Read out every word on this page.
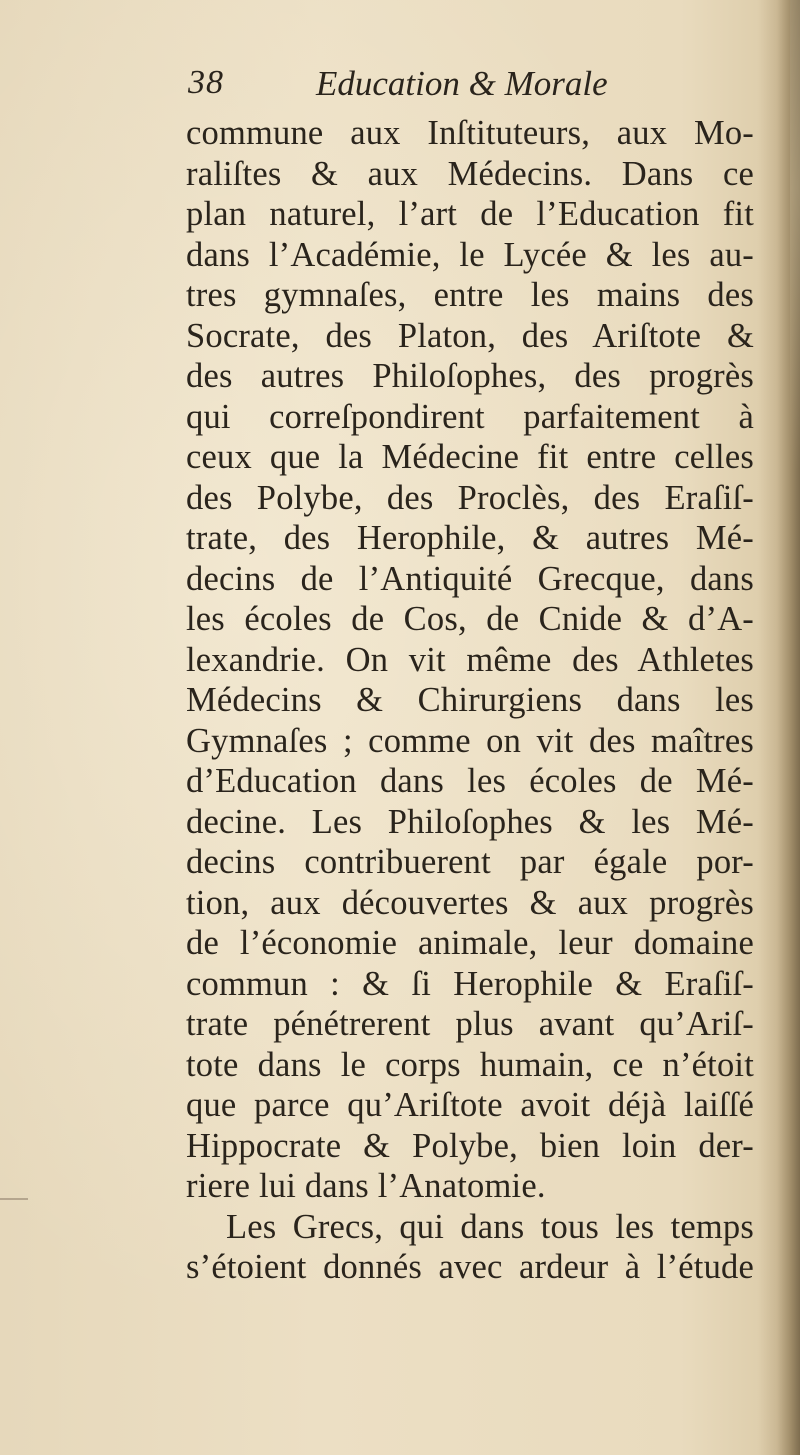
38	Education & Morale
commune aux Inſtituteurs, aux Mo-
raliſtes & aux Médecins. Dans ce
plan naturel, l’art de l’Education fit
dans l’Académie, le Lycée & les au-
tres gymnaſes, entre les mains des
Socrate, des Platon, des Ariſtote &
des autres Philoſophes, des progrès
qui correſpondirent parfaitement à
ceux que la Médecine fit entre celles
des Polybe, des Proclès, des Eraſiſ-
trate, des Herophile, & autres Mé-
decins de l’Antiquité Grecque, dans
les écoles de Cos, de Cnide & d’A-
lexandrie. On vit même des Athletes
Médecins & Chirurgiens dans les
Gymnaſes ; comme on vit des maîtres
d’Education dans les écoles de Mé-
decine. Les Philoſophes & les Mé-
decins contribuerent par égale por-
tion, aux découvertes & aux progrès
de l’économie animale, leur domaine
commun : & ſi Herophile & Eraſiſ-
trate pénétrerent plus avant qu’Ariſ-
tote dans le corps humain, ce n’étoit
que parce qu’Ariſtote avoit déjà laiſſé
Hippocrate & Polybe, bien loin der-
riere lui dans l’Anatomie.
Les Grecs, qui dans tous les temps
s’étoient donnés avec ardeur à l’étude
